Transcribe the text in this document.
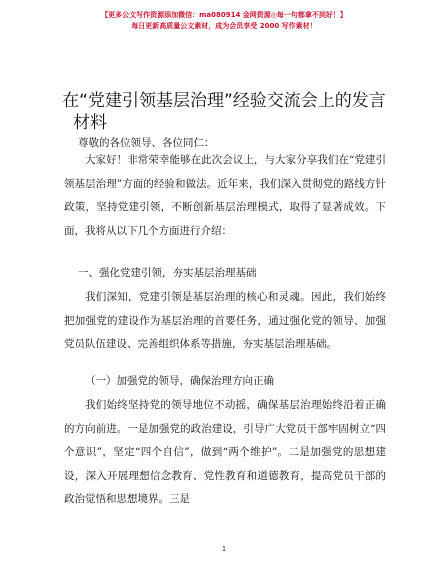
【更多公文写作资源添加微信：ma080914 金网资源◎每一句都拿不到好！】
每日更新高质量公文素材，成为会员享受 2000 写作素材！
在“党建引领基层治理”经验交流会上的发言
材料
尊敬的各位领导、各位同仁：
大家好！非常荣幸能够在此次会议上，与大家分享我们在“党建引领基层治理”方面的经验和做法。近年来，我们深入贯彻党的路线方针政策，坚持党建引领，不断创新基层治理模式，取得了显著成效。下面，我将从以下几个方面进行介绍：
一、强化党建引领，夯实基层治理基础
我们深知，党建引领是基层治理的核心和灵魂。因此，我们始终把加强党的建设作为基层治理的首要任务，通过强化党的领导、加强党员队伍建设、完善组织体系等措施，夯实基层治理基础。
（一）加强党的领导，确保治理方向正确
我们始终坚持党的领导地位不动摇，确保基层治理始终沿着正确的方向前进。一是加强党的政治建设，引导广大党员干部牢固树立“四个意识”，坚定“四个自信”，做到“两个维护”。二是加强党的思想建设，深入开展理想信念教育、党性教育和道德教育，提高党员干部的政治觉悟和思想境界。三是
1
